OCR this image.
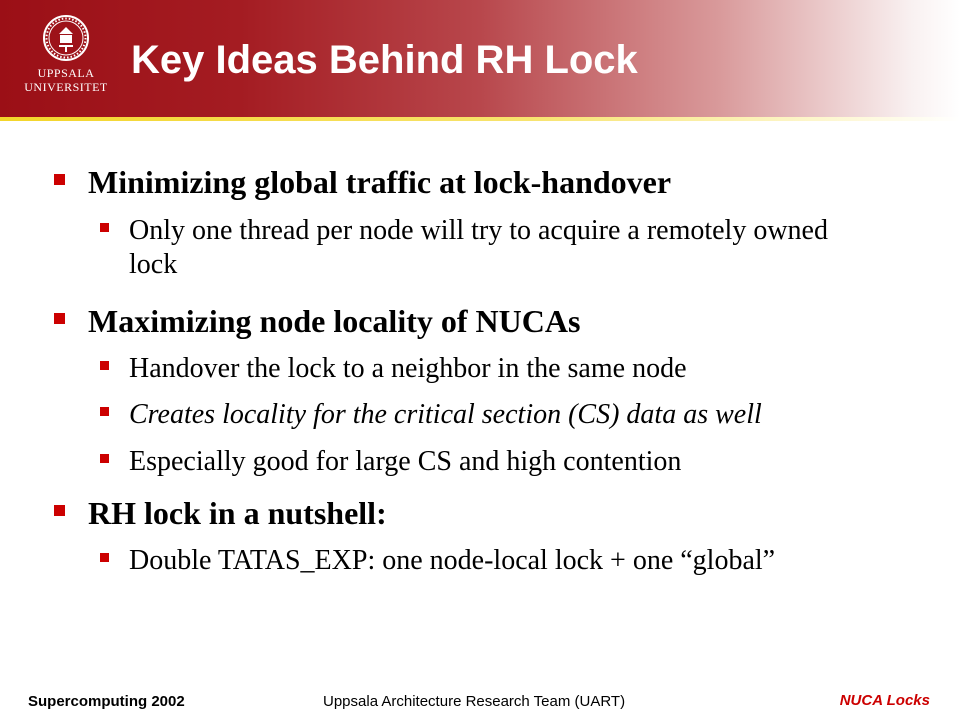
UPPSALA
UNIVERSITET
Key Ideas Behind RH Lock
Minimizing global traffic at lock-handover
Only one thread per node will try to acquire a remotely owned lock
Maximizing node locality of NUCAs
Handover the lock to a neighbor in the same node
Creates locality for the critical section (CS) data as well
Especially good for large CS and high contention
RH lock in a nutshell:
Double TATAS_EXP: one node-local lock + one “global”
Supercomputing 2002	Uppsala Architecture Research Team (UART)	NUCA Locks
